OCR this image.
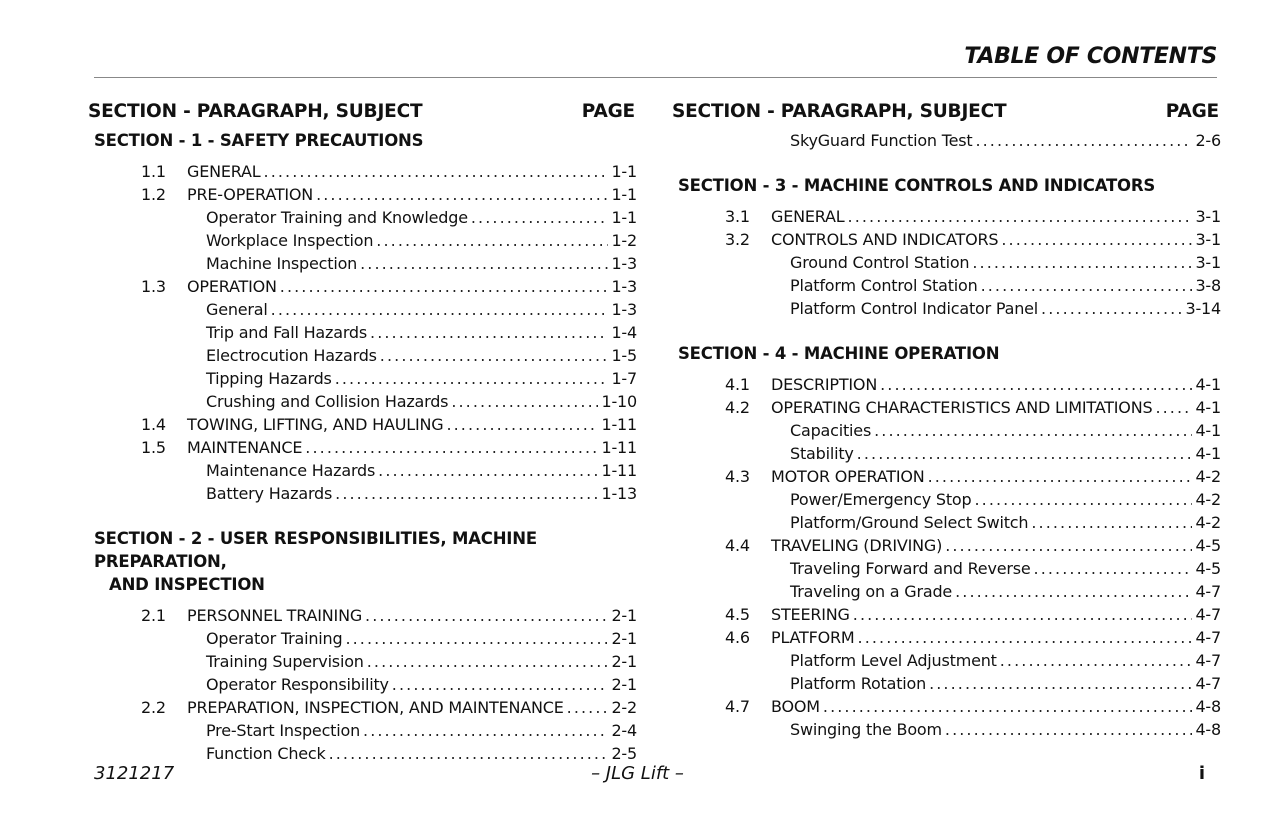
TABLE OF CONTENTS
SECTION - PARAGRAPH, SUBJECT	PAGE
SECTION - 1 - SAFETY PRECAUTIONS
1.1	GENERAL . . .	1-1
1.2	PRE-OPERATION . . .	1-1
Operator Training and Knowledge . . .	1-1
Workplace Inspection . . .	1-2
Machine Inspection . . .	1-3
1.3	OPERATION . . .	1-3
General . . .	1-3
Trip and Fall Hazards . . .	1-4
Electrocution Hazards . . .	1-5
Tipping Hazards . . .	1-7
Crushing and Collision Hazards . . .	1-10
1.4	TOWING, LIFTING, AND HAULING . . .	1-11
1.5	MAINTENANCE . . .	1-11
Maintenance Hazards . . .	1-11
Battery Hazards . . .	1-13
SECTION - 2 - USER RESPONSIBILITIES, MACHINE PREPARATION,
AND INSPECTION
2.1	PERSONNEL TRAINING . . .	2-1
Operator Training . . .	2-1
Training Supervision . . .	2-1
Operator Responsibility . . .	2-1
2.2	PREPARATION, INSPECTION, AND MAINTENANCE . . .	2-2
Pre-Start Inspection . . .	2-4
Function Check . . .	2-5
SECTION - PARAGRAPH, SUBJECT	PAGE
SkyGuard Function Test . . .	2-6
SECTION - 3 - MACHINE CONTROLS AND INDICATORS
3.1	GENERAL . . .	3-1
3.2	CONTROLS AND INDICATORS . . .	3-1
Ground Control Station . . .	3-1
Platform Control Station . . .	3-8
Platform Control Indicator Panel . . .	3-14
SECTION - 4 - MACHINE OPERATION
4.1	DESCRIPTION . . .	4-1
4.2	OPERATING CHARACTERISTICS AND LIMITATIONS . . .	4-1
Capacities . . .	4-1
Stability . . .	4-1
4.3	MOTOR OPERATION . . .	4-2
Power/Emergency Stop . . .	4-2
Platform/Ground Select Switch . . .	4-2
4.4	TRAVELING (DRIVING) . . .	4-5
Traveling Forward and Reverse . . .	4-5
Traveling on a Grade . . .	4-7
4.5	STEERING . . .	4-7
4.6	PLATFORM . . .	4-7
Platform Level Adjustment . . .	4-7
Platform Rotation . . .	4-7
4.7	BOOM . . .	4-8
Swinging the Boom . . .	4-8
3121217	– JLG Lift –	i
